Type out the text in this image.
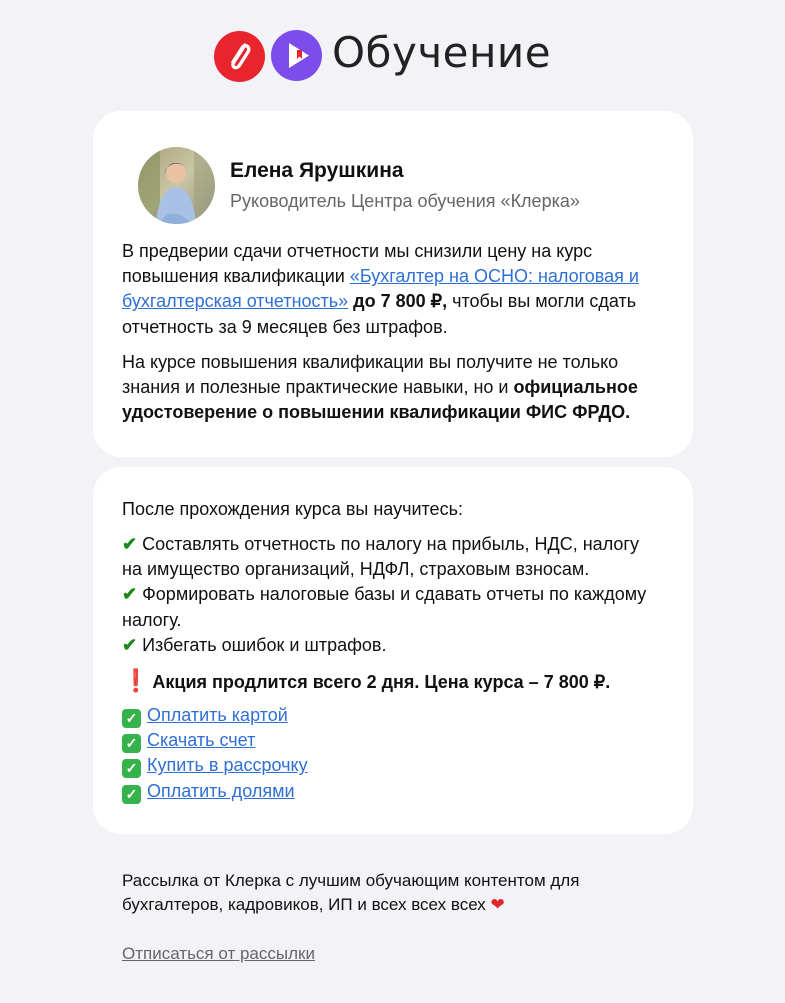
Обучение
Елена Ярушкина
Руководитель Центра обучения «Клерка»

В предверии сдачи отчетности мы снизили цену на курс повышения квалификации «Бухгалтер на ОСНО: налоговая и бухгалтерская отчетность» до 7 800 ₽, чтобы вы могли сдать отчетность за 9 месяцев без штрафов.

На курсе повышения квалификации вы получите не только знания и полезные практические навыки, но и официальное удостоверение о повышении квалификации ФИС ФРДО.

После прохождения курса вы научитесь:

✔ Составлять отчетность по налогу на прибыль, НДС, налогу на имущество организаций, НДФЛ, страховым взносам.
✔ Формировать налоговые базы и сдавать отчеты по каждому налогу.
✔ Избегать ошибок и штрафов.

❗ Акция продлится всего 2 дня. Цена курса – 7 800 ₽.

✓ Оплатить картой
✓ Скачать счет
✓ Купить в рассрочку
✓ Оплатить долями

Рассылка от Клерка с лучшим обучающим контентом для бухгалтеров, кадровиков, ИП и всех всех всех ❤
Отписаться от рассылки
